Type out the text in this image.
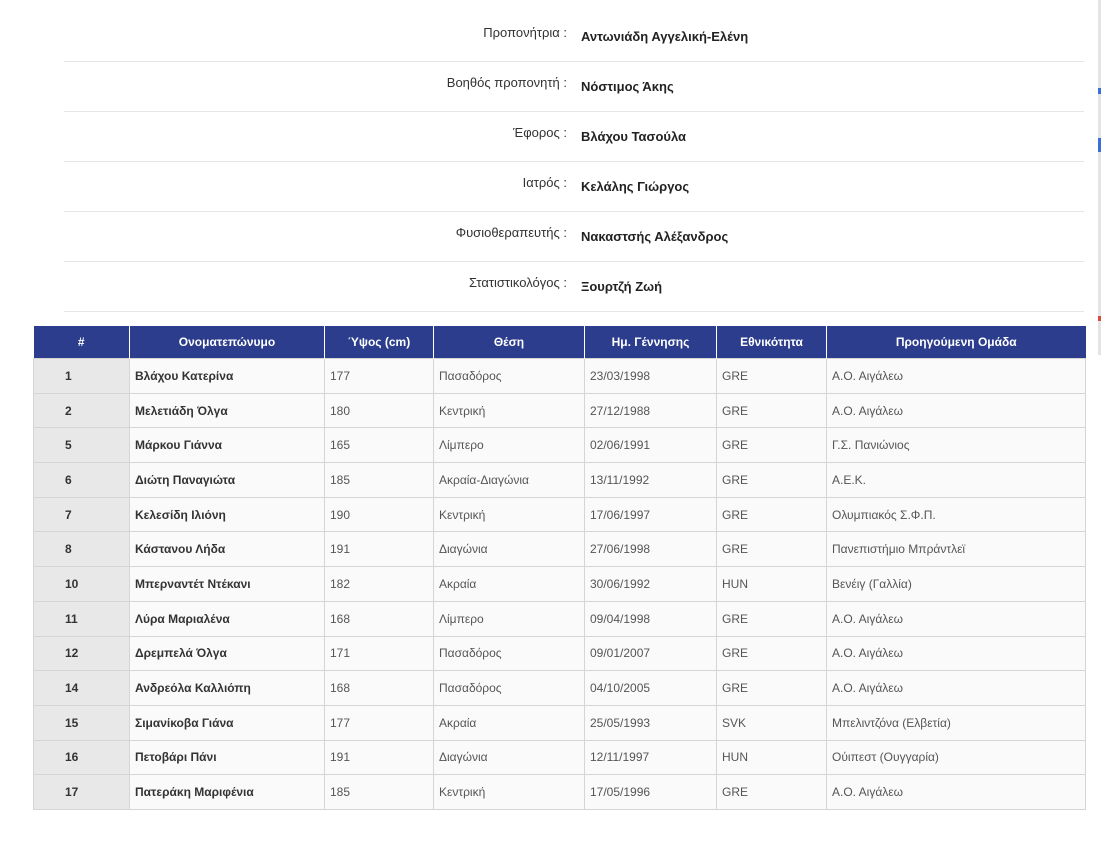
Προπονήτρια : Αντωνιάδη Αγγελική-Ελένη
Βοηθός προπονητή : Νόστιμος Άκης
Έφορος : Βλάχου Τασούλα
Ιατρός : Κελάλης Γιώργος
Φυσιοθεραπευτής : Νακαστσής Αλέξανδρος
Στατιστικολόγος : Ξουρτζή Ζωή
#	Ονοματεπώνυμο	Ύψος (cm)	Θέση	Ημ. Γέννησης	Εθνικότητα	Προηγούμενη Ομάδα
1	Βλάχου Κατερίνα	177	Πασαδόρος	23/03/1998	GRE	Α.Ο. Αιγάλεω
2	Μελετιάδη Όλγα	180	Κεντρική	27/12/1988	GRE	Α.Ο. Αιγάλεω
5	Μάρκου Γιάννα	165	Λίμπερο	02/06/1991	GRE	Γ.Σ. Πανιώνιος
6	Διώτη Παναγιώτα	185	Ακραία-Διαγώνια	13/11/1992	GRE	Α.Ε.Κ.
7	Κελεσίδη Ιλιόνη	190	Κεντρική	17/06/1997	GRE	Ολυμπιακός Σ.Φ.Π.
8	Κάστανου Λήδα	191	Διαγώνια	27/06/1998	GRE	Πανεπιστήμιο Μπράντλεϊ
10	Μπερναντέτ Ντέκανι	182	Ακραία	30/06/1992	HUN	Βενέιγ (Γαλλία)
11	Λύρα Μαριαλένα	168	Λίμπερο	09/04/1998	GRE	Α.Ο. Αιγάλεω
12	Δρεμπελά Όλγα	171	Πασαδόρος	09/01/2007	GRE	Α.Ο. Αιγάλεω
14	Ανδρεόλα Καλλιόπη	168	Πασαδόρος	04/10/2005	GRE	Α.Ο. Αιγάλεω
15	Σιμανίκοβα Γιάνα	177	Ακραία	25/05/1993	SVK	Μπελιντζόνα (Ελβετία)
16	Πετοβάρι Πάνι	191	Διαγώνια	12/11/1997	HUN	Ούιπεστ (Ουγγαρία)
17	Πατεράκη Μαριφένια	185	Κεντρική	17/05/1996	GRE	Α.Ο. Αιγάλεω
